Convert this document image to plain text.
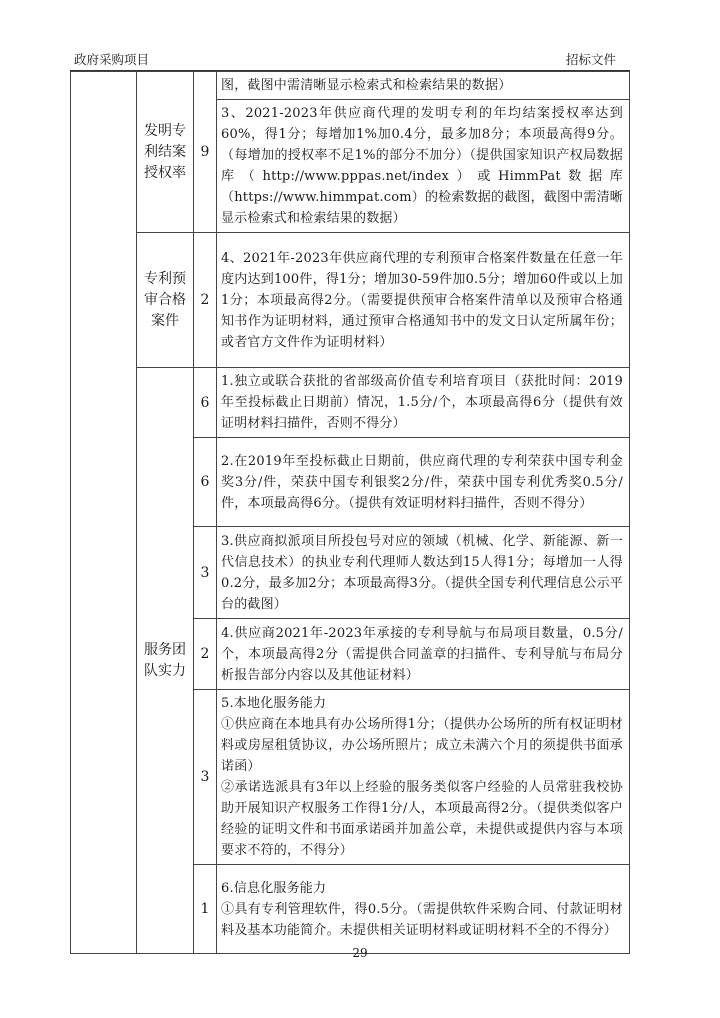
政府采购项目	招标文件
	发明专利结案授权率	9	图，截图中需清晰显示检索式和检索结果的数据）

			3、2021-2023年供应商代理的发明专利的年均结案授权率达到60%，得1分；每增加1%加0.4分，最多加8分；本项最高得9分。（每增加的授权率不足1%的部分不加分）（提供国家知识产权局数据库（http://www.pppas.net/index）或HimmPat数据库（https://www.himmpat.com）的检索数据的截图，截图中需清晰显示检索式和检索结果的数据）

	专利预审合格案件	2	4、2021年-2023年供应商代理的专利预审合格案件数量在任意一年度内达到100件，得1分；增加30-59件加0.5分；增加60件或以上加1分；本项最高得2分。（需要提供预审合格案件清单以及预审合格通知书作为证明材料，通过预审合格通知书中的发文日认定所属年份；或者官方文件作为证明材料）

	服务团队实力	6	1.独立或联合获批的省部级高价值专利培育项目（获批时间：2019年至投标截止日期前）情况，1.5分/个，本项最高得6分（提供有效证明材料扫描件，否则不得分）

		6	2.在2019年至投标截止日期前，供应商代理的专利荣获中国专利金奖3分/件，荣获中国专利银奖2分/件，荣获中国专利优秀奖0.5分/件，本项最高得6分。（提供有效证明材料扫描件，否则不得分）

		3	3.供应商拟派项目所投包号对应的领域（机械、化学、新能源、新一代信息技术）的执业专利代理师人数达到15人得1分；每增加一人得0.2分，最多加2分；本项最高得3分。（提供全国专利代理信息公示平台的截图）

		2	4.供应商2021年-2023年承接的专利导航与布局项目数量，0.5分/个，本项最高得2分（需提供合同盖章的扫描件、专利导航与布局分析报告部分内容以及其他证材料）

		3	5.本地化服务能力

①供应商在本地具有办公场所得1分；（提供办公场所的所有权证明材料或房屋租赁协议，办公场所照片；成立未满六个月的须提供书面承诺函）

②承诺选派具有3年以上经验的服务类似客户经验的人员常驻我校协助开展知识产权服务工作得1分/人，本项最高得2分。（提供类似客户经验的证明文件和书面承诺函并加盖公章，未提供或提供内容与本项要求不符的，不得分）

		1	6.信息化服务能力

①具有专利管理软件，得0.5分。（需提供软件采购合同、付款证明材料及基本功能简介。未提供相关证明材料或证明材料不全的不得分）

29
